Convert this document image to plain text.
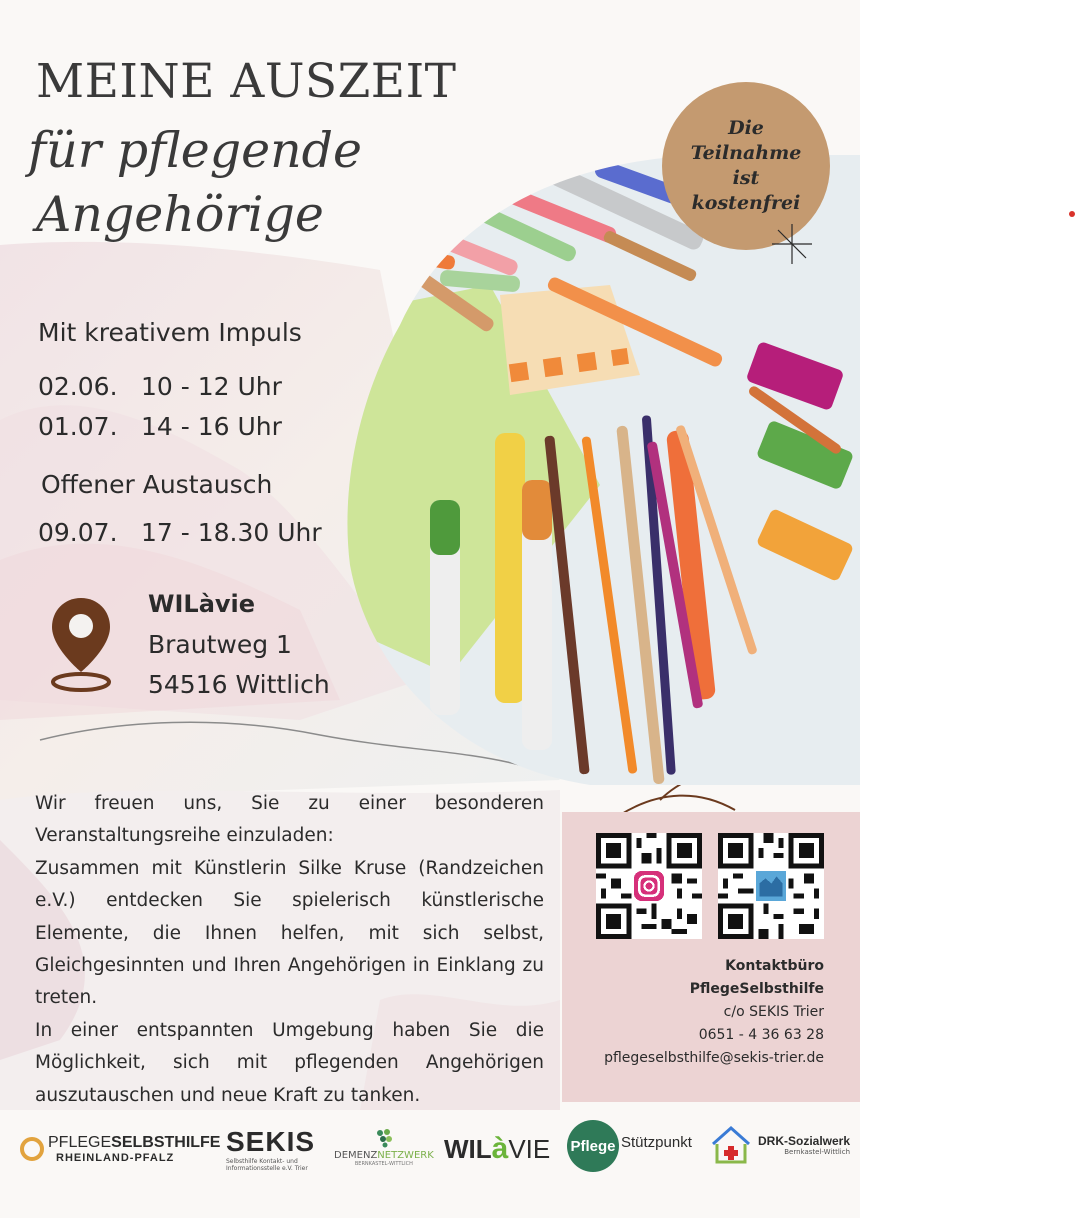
MEINE AUSZEIT
für pflegende
Angehörige
Die
Teilnahme
ist
kostenfrei
Mit kreativem Impuls
02.06. 10 - 12 Uhr
01.07. 14 - 16 Uhr
Offener Austausch
09.07. 17 - 18.30 Uhr
WILàvie
Brautweg 1
54516 Wittlich

Wir freuen uns, Sie zu einer besonderen Veranstaltungsreihe einzuladen:

Zusammen mit Künstlerin Silke Kruse (Randzeichen e.V.) entdecken Sie spielerisch künstlerische Elemente, die Ihnen helfen, mit sich selbst, Gleichgesinnten und Ihren Angehörigen in Einklang zu treten.

In einer entspannten Umgebung haben Sie die Möglichkeit, sich mit pflegenden Angehörigen auszutauschen und neue Kraft zu tanken.

Kontaktbüro
PflegeSelbsthilfe
c/o SEKIS Trier
0651 - 4 36 63 28
pflegeselbsthilfe@sekis-trier.de
PFLEGESELBSTHILFE
RHEINLAND-PFALZ
SEKIS
Selbsthilfe Kontakt- und
Informationsstelle e.V. Trier
DEMENZNETZWERK
BERNKASTEL-WITTLICH
WIL à VIE Pflege Stützpunkt	DRK-Sozialwerk
Bernkastel-Wittlich
